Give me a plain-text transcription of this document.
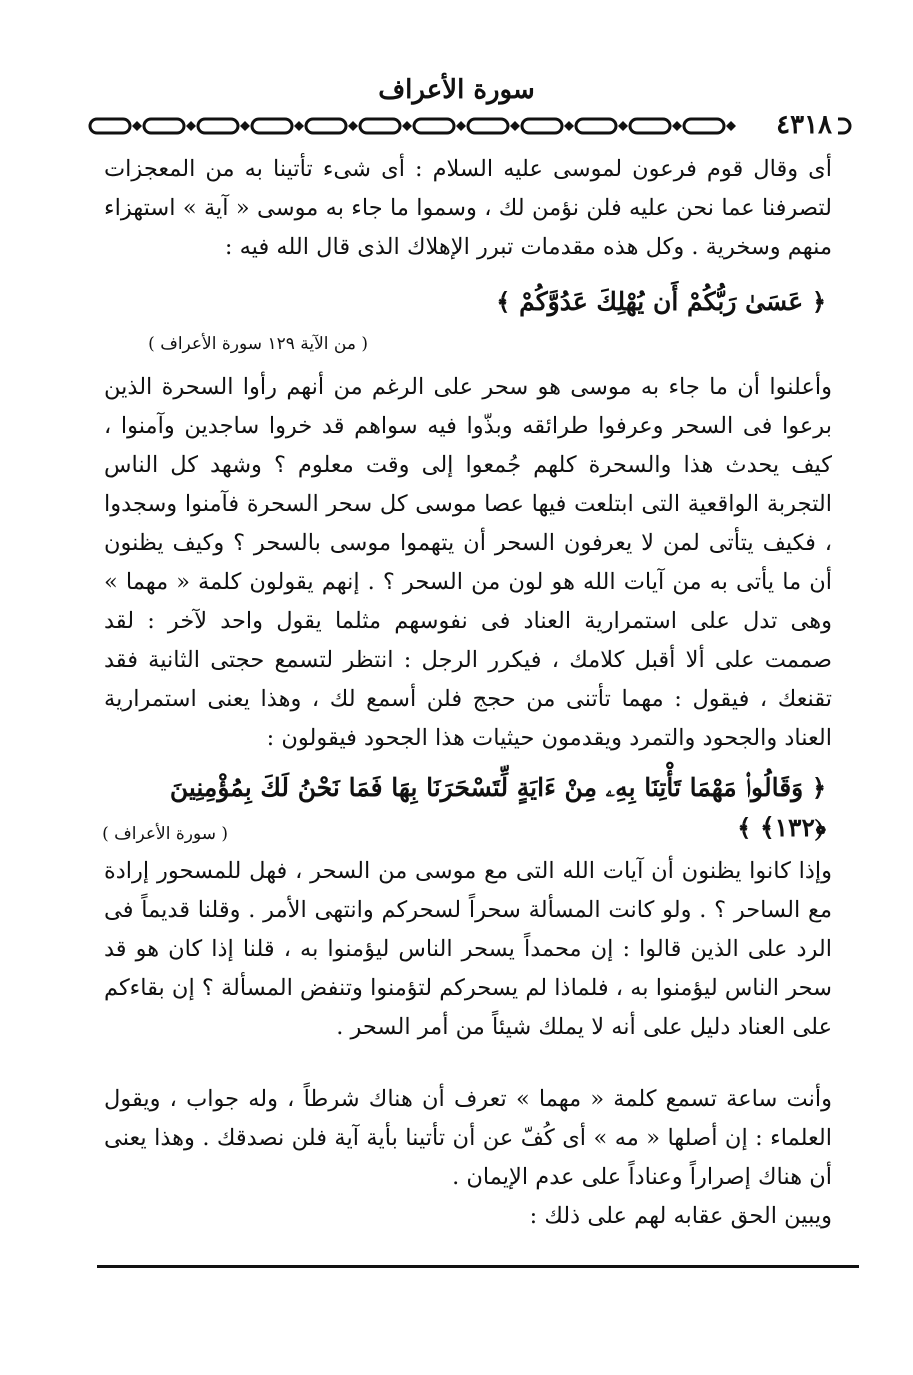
سورة الأعراف
٤٣١٨

أى وقال قوم فرعون لموسى عليه السلام : أى شىء تأتينا به من المعجزات لتصرفنا عما نحن عليه فلن نؤمن لك ، وسموا ما جاء به موسى « آية » استهزاء منهم وسخرية . وكل هذه مقدمات تبرر الإهلاك الذى قال الله فيه :

﴿ عَسَىٰ رَبُّكُمْ أَن يُهْلِكَ عَدُوَّكُمْ ﴾
( من الآية ١٢٩ سورة الأعراف )

وأعلنوا أن ما جاء به موسى هو سحر على الرغم من أنهم رأوا السحرة الذين برعوا فى السحر وعرفوا طرائقه وبذّوا فيه سواهم قد خروا ساجدين وآمنوا ، كيف يحدث هذا والسحرة كلهم جُمعوا إلى وقت معلوم ؟ وشهد كل الناس التجربة الواقعية التى ابتلعت فيها عصا موسى كل سحر السحرة فآمنوا وسجدوا ، فكيف يتأتى لمن لا يعرفون السحر أن يتهموا موسى بالسحر ؟ وكيف يظنون أن ما يأتى به من آيات الله هو لون من السحر ؟ . إنهم يقولون كلمة « مهما » وهى تدل على استمرارية العناد فى نفوسهم مثلما يقول واحد لآخر : لقد صممت على ألا أقبل كلامك ، فيكرر الرجل : انتظر لتسمع حجتى الثانية فقد تقنعك ، فيقول : مهما تأتنى من حجج فلن أسمع لك ، وهذا يعنى استمرارية العناد والجحود والتمرد ويقدمون حيثيات هذا الجحود فيقولون :

﴿ وَقَالُوا۟ مَهْمَا تَأْتِنَا بِهِۦ مِنْ ءَايَةٍ لِّتَسْحَرَنَا بِهَا فَمَا نَحْنُ لَكَ بِمُؤْمِنِينَ ﴿١٣٢﴾ ﴾
( سورة الأعراف )

وإذا كانوا يظنون أن آيات الله التى مع موسى من السحر ، فهل للمسحور إرادة مع الساحر ؟ . ولو كانت المسألة سحراً لسحركم وانتهى الأمر . وقلنا قديماً فى الرد على الذين قالوا : إن محمداً يسحر الناس ليؤمنوا به ، قلنا إذا كان هو قد سحر الناس ليؤمنوا به ، فلماذا لم يسحركم لتؤمنوا وتنفض المسألة ؟ إن بقاءكم على العناد دليل على أنه لا يملك شيئاً من أمر السحر .

وأنت ساعة تسمع كلمة « مهما » تعرف أن هناك شرطاً ، وله جواب ، ويقول العلماء : إن أصلها « مه » أى كُفّ عن أن تأتينا بأية آية فلن نصدقك . وهذا يعنى أن هناك إصراراً وعناداً على عدم الإيمان .

ويبين الحق عقابه لهم على ذلك :
